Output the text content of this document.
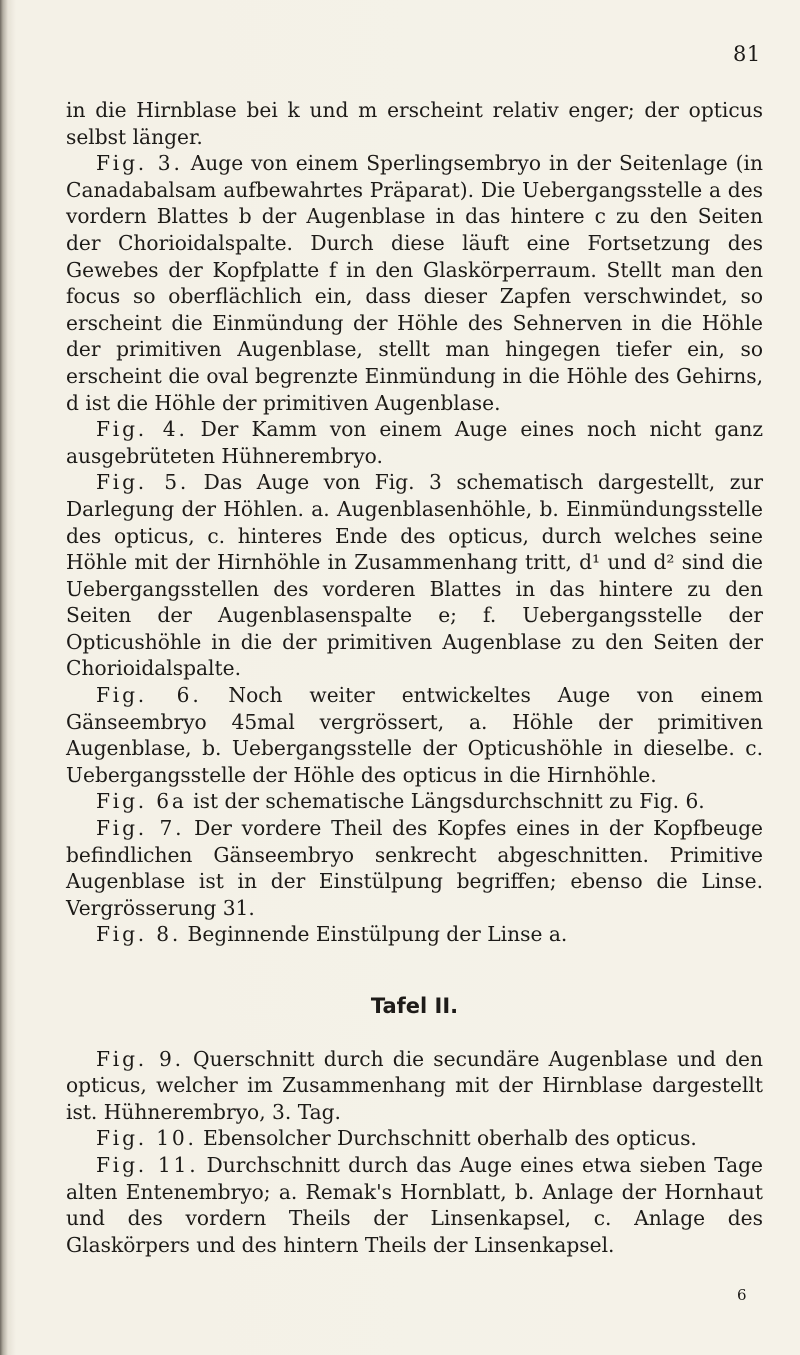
81

in die Hirnblase bei k und m erscheint relativ enger; der opticus selbst länger.

Fig. 3. Auge von einem Sperlingsembryo in der Seitenlage (in Canadabalsam aufbewahrtes Präparat). Die Uebergangsstelle a des vordern Blattes b der Augenblase in das hintere c zu den Seiten der Chorioidalspalte. Durch diese läuft eine Fortsetzung des Gewebes der Kopfplatte f in den Glaskörperraum. Stellt man den focus so oberflächlich ein, dass dieser Zapfen verschwindet, so erscheint die Einmündung der Höhle des Sehnerven in die Höhle der primitiven Augenblase, stellt man hingegen tiefer ein, so erscheint die oval begrenzte Einmündung in die Höhle des Gehirns, d ist die Höhle der primitiven Augenblase.

Fig. 4. Der Kamm von einem Auge eines noch nicht ganz ausgebrüteten Hühnerembryo.

Fig. 5. Das Auge von Fig. 3 schematisch dargestellt, zur Darlegung der Höhlen. a. Augenblasenhöhle, b. Einmündungsstelle des opticus, c. hinteres Ende des opticus, durch welches seine Höhle mit der Hirnhöhle in Zusammenhang tritt, d¹ und d² sind die Uebergangsstellen des vorderen Blattes in das hintere zu den Seiten der Augenblasenspalte e; f. Uebergangsstelle der Opticushöhle in die der primitiven Augenblase zu den Seiten der Chorioidalspalte.

Fig. 6. Noch weiter entwickeltes Auge von einem Gänseembryo 45mal vergrössert, a. Höhle der primitiven Augenblase, b. Uebergangsstelle der Opticushöhle in dieselbe. c. Uebergangsstelle der Höhle des opticus in die Hirnhöhle.

Fig. 6a ist der schematische Längsdurchschnitt zu Fig. 6.

Fig. 7. Der vordere Theil des Kopfes eines in der Kopfbeuge befindlichen Gänseembryo senkrecht abgeschnitten. Primitive Augenblase ist in der Einstülpung begriffen; ebenso die Linse. Vergrösserung 31.

Fig. 8. Beginnende Einstülpung der Linse a.

Tafel II.

Fig. 9. Querschnitt durch die secundäre Augenblase und den opticus, welcher im Zusammenhang mit der Hirnblase dargestellt ist. Hühnerembryo, 3. Tag.

Fig. 10. Ebensolcher Durchschnitt oberhalb des opticus.

Fig. 11. Durchschnitt durch das Auge eines etwa sieben Tage alten Entenembryo; a. Remak's Hornblatt, b. Anlage der Hornhaut und des vordern Theils der Linsenkapsel, c. Anlage des Glaskörpers und des hintern Theils der Linsenkapsel.

6
